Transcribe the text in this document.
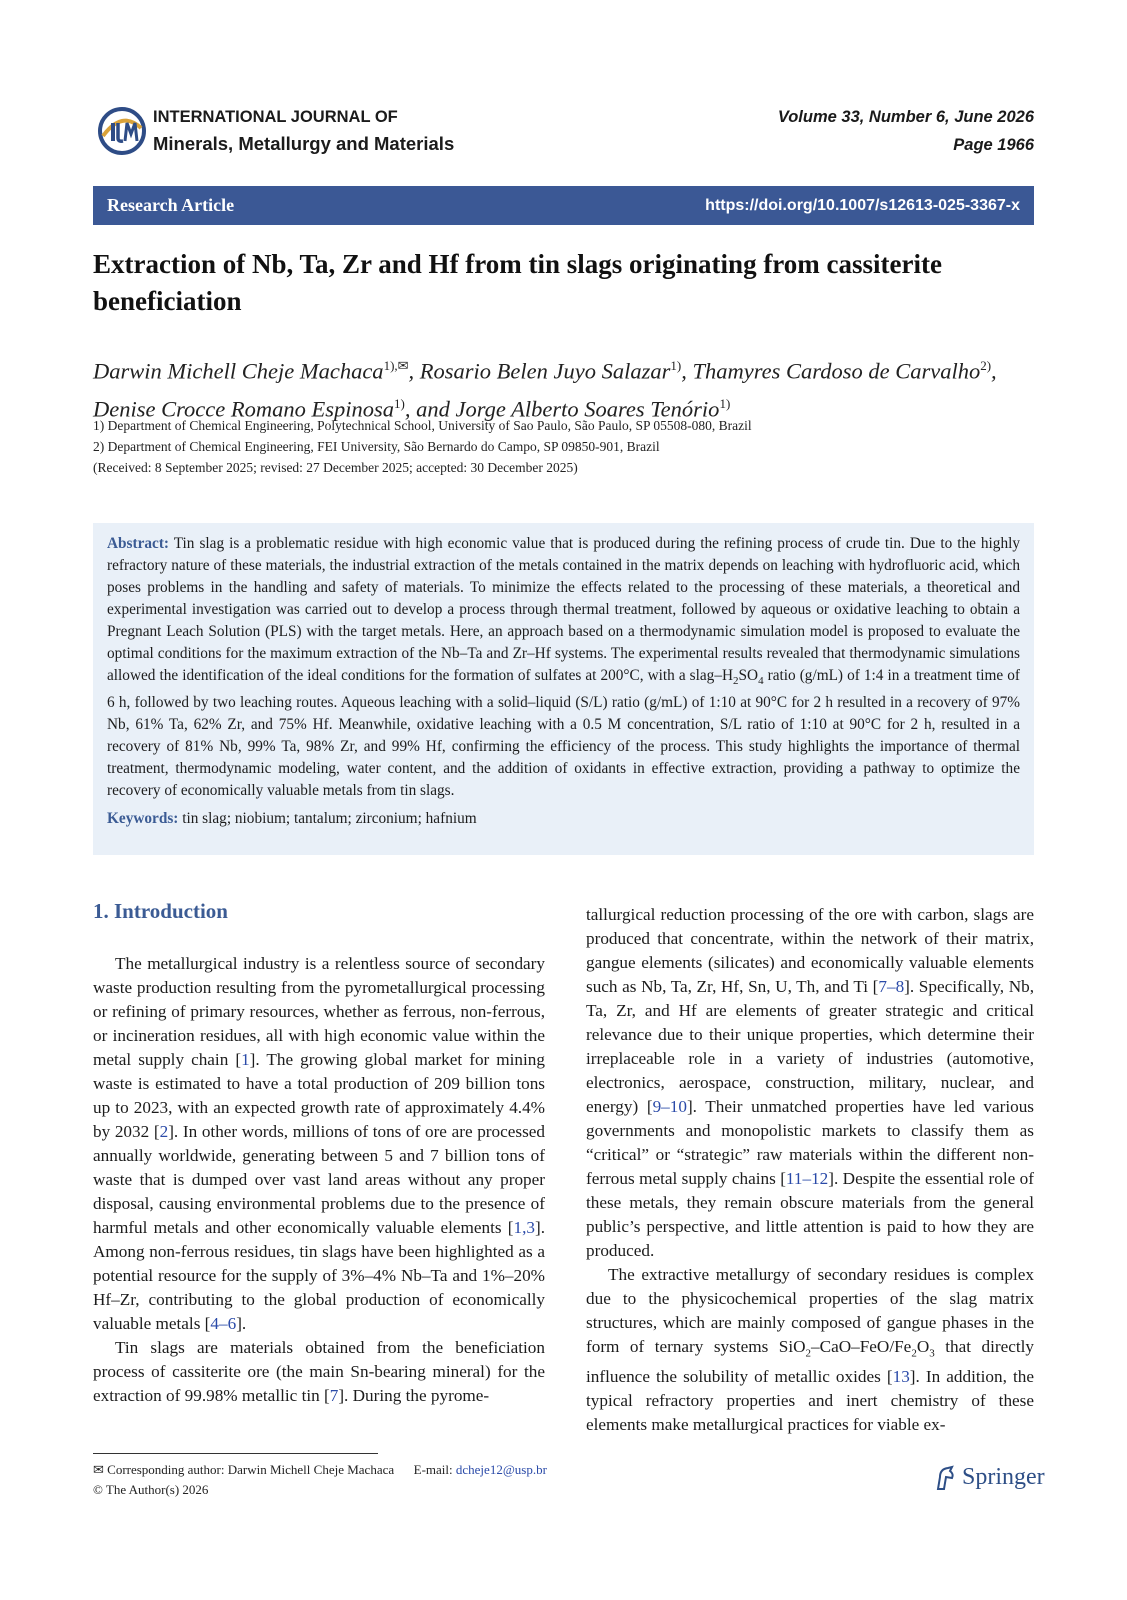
INTERNATIONAL JOURNAL OF
Minerals, Metallurgy and Materials
Volume 33, Number 6, June 2026
Page 1966
Research Article	https://doi.org/10.1007/s12613-025-3367-x
Extraction of Nb, Ta, Zr and Hf from tin slags originating from cassiterite beneficiation
Darwin Michell Cheje Machaca$^{1),✉}$, Rosario Belen Juyo Salazar$^{1)}$, Thamyres Cardoso de Carvalho$^{2)}$,
Denise Crocce Romano Espinosa$^{1)}$, and Jorge Alberto Soares Tenório$^{1)}$
1) Department of Chemical Engineering, Polytechnical School, University of Sao Paulo, São Paulo, SP 05508-080, Brazil
2) Department of Chemical Engineering, FEI University, São Bernardo do Campo, SP 09850-901, Brazil
(Received: 8 September 2025; revised: 27 December 2025; accepted: 30 December 2025)

Abstract: Tin slag is a problematic residue with high economic value that is produced during the refining process of crude tin. Due to the highly refractory nature of these materials, the industrial extraction of the metals contained in the matrix depends on leaching with hydrofluoric acid, which poses problems in the handling and safety of materials. To minimize the effects related to the processing of these materials, a theoretical and experimental investigation was carried out to develop a process through thermal treatment, followed by aqueous or oxidative leaching to obtain a Pregnant Leach Solution (PLS) with the target metals. Here, an approach based on a thermodynamic simulation model is proposed to evaluate the optimal conditions for the maximum extraction of the Nb–Ta and Zr–Hf systems. The experimental results revealed that thermodynamic simulations allowed the identification of the ideal conditions for the formation of sulfates at 200°C, with a slag–$H_2SO_4$ ratio (g/mL) of 1:4 in a treatment time of 6 h, followed by two leaching routes. Aqueous leaching with a solid–liquid (S/L) ratio (g/mL) of 1:10 at 90°C for 2 h resulted in a recovery of 97% Nb, 61% Ta, 62% Zr, and 75% Hf. Meanwhile, oxidative leaching with a 0.5 M concentration, S/L ratio of 1:10 at 90°C for 2 h, resulted in a recovery of 81% Nb, 99% Ta, 98% Zr, and 99% Hf, confirming the efficiency of the process. This study highlights the importance of thermal treatment, thermodynamic modeling, water content, and the addition of oxidants in effective extraction, providing a pathway to optimize the recovery of economically valuable metals from tin slags.

Keywords: tin slag; niobium; tantalum; zirconium; hafnium

1. Introduction

The metallurgical industry is a relentless source of secondary waste production resulting from the pyrometallurgical processing or refining of primary resources, whether as ferrous, non-ferrous, or incineration residues, all with high economic value within the metal supply chain [1]. The growing global market for mining waste is estimated to have a total production of 209 billion tons up to 2023, with an expected growth rate of approximately 4.4% by 2032 [2]. In other words, millions of tons of ore are processed annually worldwide, generating between 5 and 7 billion tons of waste that is dumped over vast land areas without any proper disposal, causing environmental problems due to the presence of harmful metals and other economically valuable elements [1,3]. Among non-ferrous residues, tin slags have been highlighted as a potential resource for the supply of 3%–4% Nb–Ta and 1%–20% Hf–Zr, contributing to the global production of economically valuable metals [4–6].

Tin slags are materials obtained from the beneficiation process of cassiterite ore (the main Sn-bearing mineral) for the extraction of 99.98% metallic tin [7]. During the pyrome-

tallurgical reduction processing of the ore with carbon, slags are produced that concentrate, within the network of their matrix, gangue elements (silicates) and economically valuable elements such as Nb, Ta, Zr, Hf, Sn, U, Th, and Ti [7–8]. Specifically, Nb, Ta, Zr, and Hf are elements of greater strategic and critical relevance due to their unique properties, which determine their irreplaceable role in a variety of industries (automotive, electronics, aerospace, construction, military, nuclear, and energy) [9–10]. Their unmatched properties have led various governments and monopolistic markets to classify them as “critical” or “strategic” raw materials within the different non-ferrous metal supply chains [11–12]. Despite the essential role of these metals, they remain obscure materials from the general public’s perspective, and little attention is paid to how they are produced.

The extractive metallurgy of secondary residues is complex due to the physicochemical properties of the slag matrix structures, which are mainly composed of gangue phases in the form of ternary systems $SiO_2-CaO-FeO/Fe_2O_3$ that directly influence the solubility of metallic oxides [13]. In addition, the typical refractory properties and inert chemistry of these elements make metallurgical practices for viable ex-

✉ Corresponding author: Darwin Michell Cheje Machaca E-mail: dcheje12@usp.br
© The Author(s) 2026	Springer
